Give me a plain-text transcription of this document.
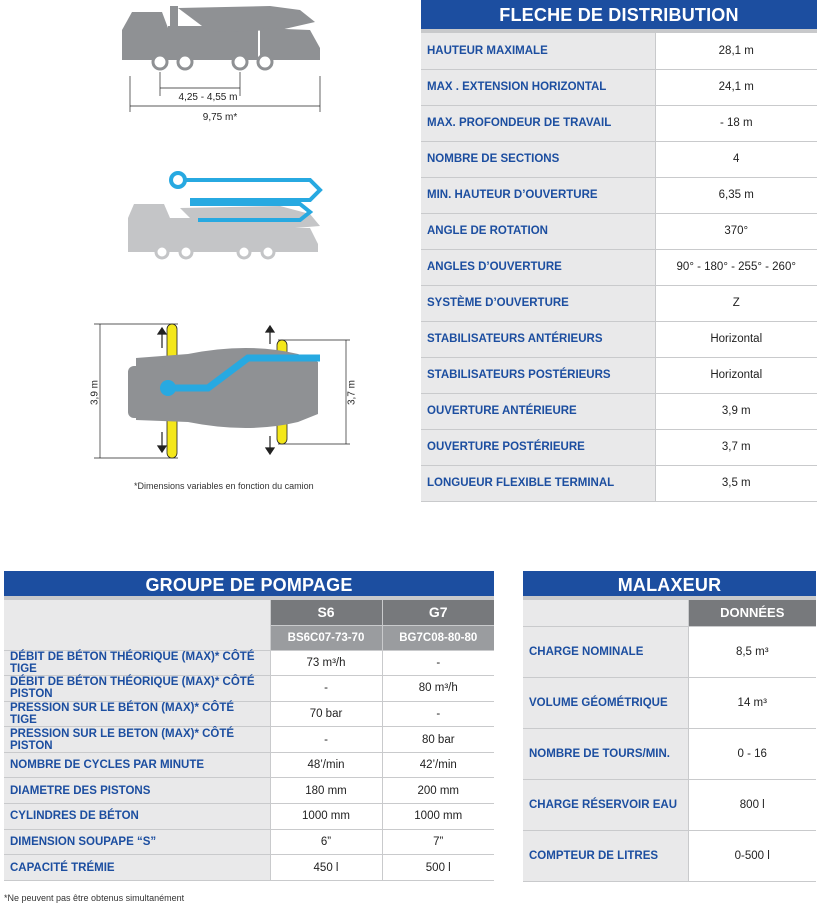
4,25 - 4,55 m
9,75 m*
3,9 m	3,7 m
*Dimensions variables en fonction du camion
FLECHE DE DISTRIBUTION
HAUTEUR MAXIMALE	28,1 m
MAX . EXTENSION HORIZONTAL	24,1 m
MAX. PROFONDEUR DE TRAVAIL	- 18 m
NOMBRE DE SECTIONS	4
MIN. HAUTEUR D’OUVERTURE	6,35 m
ANGLE DE ROTATION	370°
ANGLES D’OUVERTURE	90° - 180° - 255° - 260°
SYSTÈME D’OUVERTURE	Z
STABILISATEURS ANTÉRIEURS	Horizontal
STABILISATEURS POSTÉRIEURS	Horizontal
OUVERTURE ANTÉRIEURE	3,9 m
OUVERTURE POSTÉRIEURE	3,7 m
LONGUEUR FLEXIBLE TERMINAL	3,5 m
GROUPE DE POMPAGE
	S6	G7
	BS6C07-73-70	BG7C08-80-80
DÉBIT DE BÉTON THÉORIQUE (MAX)* CÔTÉ TIGE	73 m³/h	-
DÉBIT DE BÉTON THÉORIQUE (MAX)* CÔTÉ PISTON	-	80 m³/h
PRESSION SUR LE BÉTON (MAX)* CÔTÉ TIGE	70 bar	-
PRESSION SUR LE BETON (MAX)* CÔTÉ PISTON	-	80 bar
NOMBRE DE CYCLES PAR MINUTE	48’/min	42’/min
DIAMETRE DES PISTONS	180 mm	200 mm
CYLINDRES DE BÉTON	1000 mm	1000 mm
DIMENSION SOUPAPE “S”	6”	7”
CAPACITÉ TRÉMIE	450 l	500 l
*Ne peuvent pas être obtenus simultanément
MALAXEUR
	DONNÉES
CHARGE NOMINALE	8,5 m³
VOLUME GÉOMÉTRIQUE	14 m³
NOMBRE DE TOURS/MIN.	0 - 16
CHARGE RÉSERVOIR EAU	800 l
COMPTEUR DE LITRES	0-500 l
